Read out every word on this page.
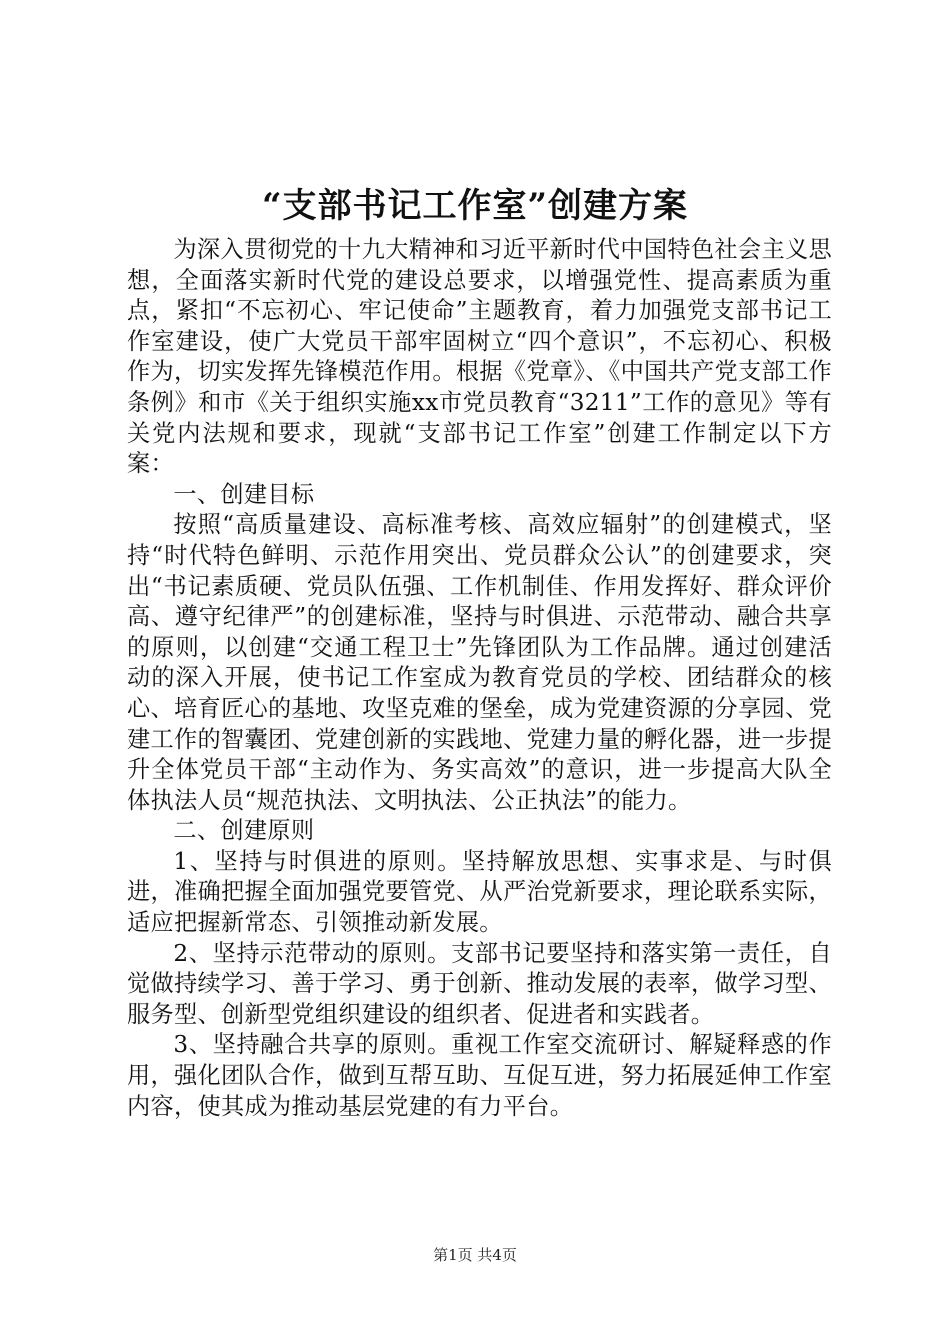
“支部书记工作室”创建方案

为深入贯彻党的十九大精神和习近平新时代中国特色社会主义思想，全面落实新时代党的建设总要求，以增强党性、提高素质为重点，紧扣“不忘初心、牢记使命”主题教育，着力加强党支部书记工作室建设，使广大党员干部牢固树立“四个意识”，不忘初心、积极作为，切实发挥先锋模范作用。根据《党章》、《中国共产党支部工作条例》和市《关于组织实施xx市党员教育“3211”工作的意见》等有关党内法规和要求，现就“支部书记工作室”创建工作制定以下方案：

一、创建目标

按照“高质量建设、高标准考核、高效应辐射”的创建模式，坚持“时代特色鲜明、示范作用突出、党员群众公认”的创建要求，突出“书记素质硬、党员队伍强、工作机制佳、作用发挥好、群众评价高、遵守纪律严”的创建标准，坚持与时俱进、示范带动、融合共享的原则，以创建“交通工程卫士”先锋团队为工作品牌。通过创建活动的深入开展，使书记工作室成为教育党员的学校、团结群众的核心、培育匠心的基地、攻坚克难的堡垒，成为党建资源的分享园、党建工作的智囊团、党建创新的实践地、党建力量的孵化器，进一步提升全体党员干部“主动作为、务实高效”的意识，进一步提高大队全体执法人员“规范执法、文明执法、公正执法”的能力。

二、创建原则

1、坚持与时俱进的原则。坚持解放思想、实事求是、与时俱进，准确把握全面加强党要管党、从严治党新要求，理论联系实际，适应把握新常态、引领推动新发展。

2、坚持示范带动的原则。支部书记要坚持和落实第一责任，自觉做持续学习、善于学习、勇于创新、推动发展的表率，做学习型、服务型、创新型党组织建设的组织者、促进者和实践者。

3、坚持融合共享的原则。重视工作室交流研讨、解疑释惑的作用，强化团队合作，做到互帮互助、互促互进，努力拓展延伸工作室内容，使其成为推动基层党建的有力平台。

第1页 共4页
